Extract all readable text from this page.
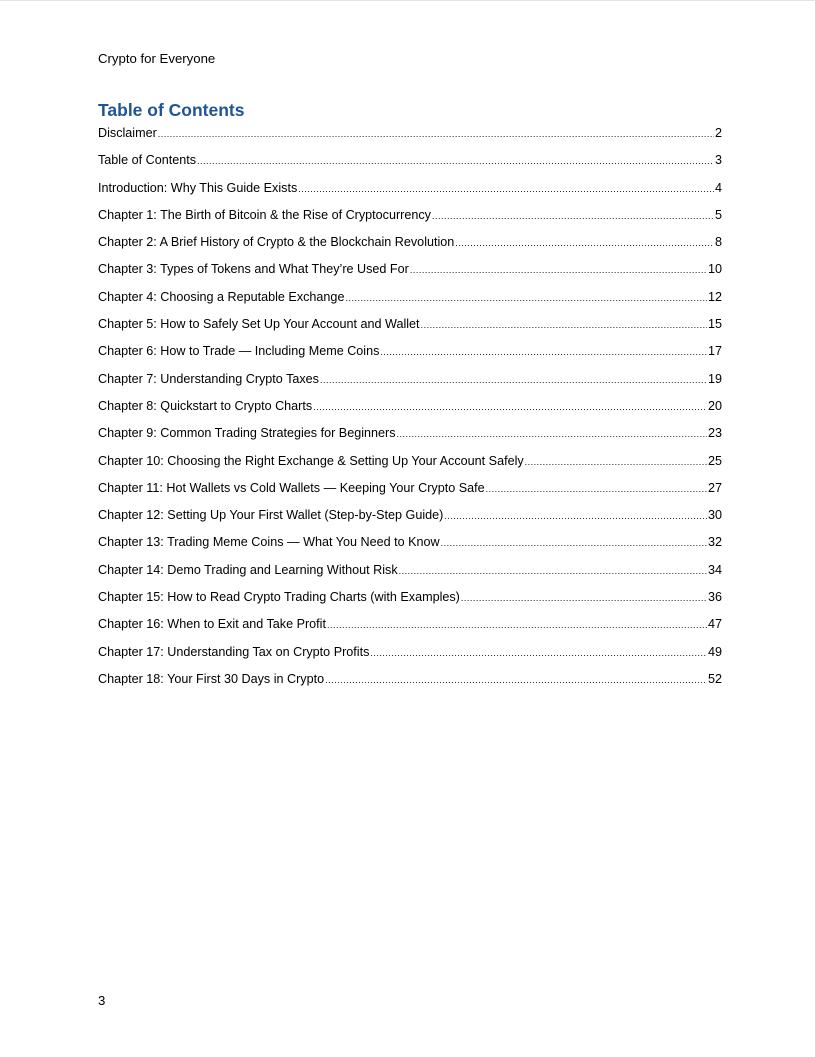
Crypto for Everyone
Table of Contents
Disclaimer .....	2
Table of Contents .....	3
Introduction: Why This Guide Exists .....	4
Chapter 1: The Birth of Bitcoin & the Rise of Cryptocurrency .....	5
Chapter 2: A Brief History of Crypto & the Blockchain Revolution .....	8
Chapter 3: Types of Tokens and What They’re Used For .....	10
Chapter 4: Choosing a Reputable Exchange .....	12
Chapter 5: How to Safely Set Up Your Account and Wallet .....	15
Chapter 6: How to Trade — Including Meme Coins .....	17
Chapter 7: Understanding Crypto Taxes .....	19
Chapter 8: Quickstart to Crypto Charts .....	20
Chapter 9: Common Trading Strategies for Beginners .....	23
Chapter 10: Choosing the Right Exchange & Setting Up Your Account Safely .....	25
Chapter 11: Hot Wallets vs Cold Wallets — Keeping Your Crypto Safe .....	27
Chapter 12: Setting Up Your First Wallet (Step-by-Step Guide) .....	30
Chapter 13: Trading Meme Coins — What You Need to Know .....	32
Chapter 14: Demo Trading and Learning Without Risk .....	34
Chapter 15: How to Read Crypto Trading Charts (with Examples) .....	36
Chapter 16: When to Exit and Take Profit .....	47
Chapter 17: Understanding Tax on Crypto Profits .....	49
Chapter 18: Your First 30 Days in Crypto .....	52
3
